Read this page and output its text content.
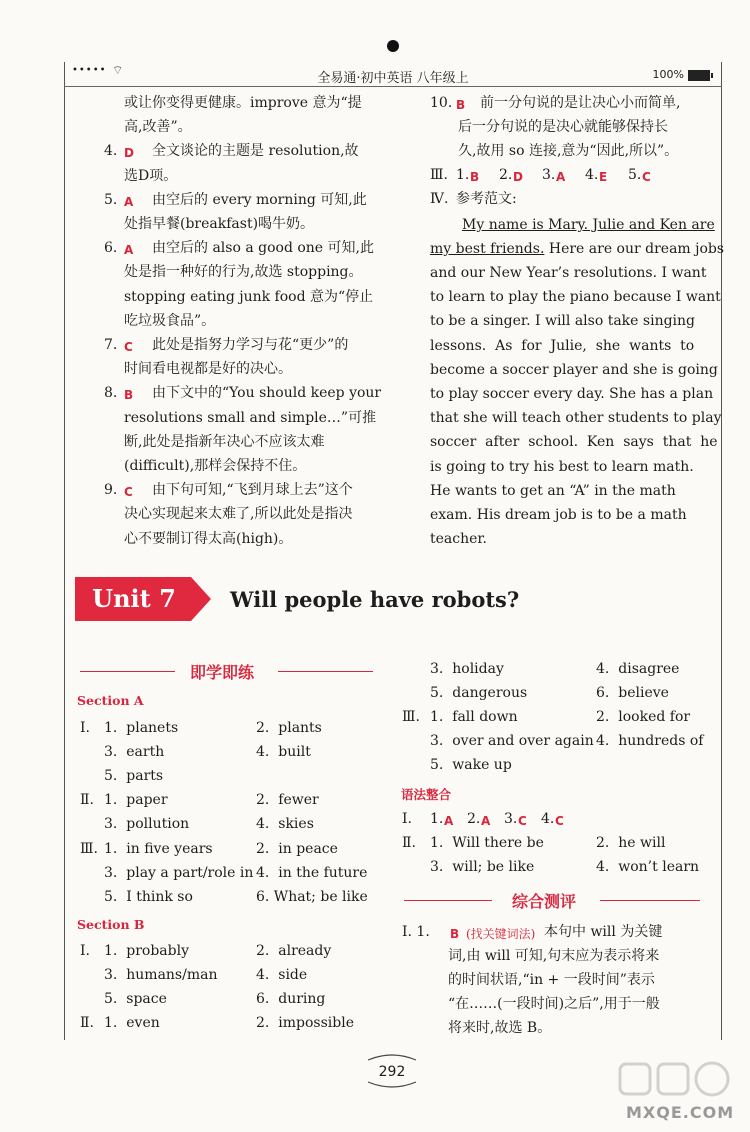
••••• ⌔
全易通·初中英语 八年级上	100%
或让你变得更健康。improve 意为“提
高,改善”。
4. D 全文谈论的主题是 resolution,故
选D项。
5. A 由空后的 every morning 可知,此
处指早餐(breakfast)喝牛奶。
6. A 由空后的 also a good one 可知,此
处是指一种好的行为,故选 stopping。
stopping eating junk food 意为“停止
吃垃圾食品”。
7. C 此处是指努力学习与花“更少”的
时间看电视都是好的决心。
8. B 由下文中的“You should keep your
resolutions small and simple…”可推
断,此处是指新年决心不应该太难
(difficult),那样会保持不住。
9. C 由下句可知,“飞到月球上去”这个
决心实现起来太难了,所以此处是指决
心不要制订得太高(high)。
10. B 前一分句说的是让决心小而简单,
后一分句说的是决心就能够保持长
久,故用 so 连接,意为“因此,所以”。
Ⅲ. 1. B 2. D 3. A 4. E 5. C
Ⅳ. 参考范文:
My name is Mary. Julie and Ken are
my best friends. Here are our dream jobs
and our New Year’s resolutions. I want
to learn to play the piano because I want
to be a singer. I will also take singing
lessons.  As  for  Julie,  she  wants  to
become a soccer player and she is going
to play soccer every day. She has a plan
that she will teach other students to play
soccer  after  school.  Ken  says  that  he
is going to try his best to learn math.
He wants to get an “A” in the math
exam. His dream job is to be a math
teacher.
Unit 7	Will people have robots?
即学即练
Section A
Ⅰ. 1.  planets	2.  plants
3.  earth	4.  built
5.  parts
Ⅱ. 1.  paper	2.  fewer
3.  pollution	4.  skies
Ⅲ. 1.  in five years	2.  in peace
3.  play a part/role in 4.  in the future
5.  I think so	6. What; be like
Section B
Ⅰ. 1.  probably	2.  already
3.  humans/man	4.  side
5.  space	6.  during
Ⅱ. 1.  even	2.  impossible
3.  holiday	4.  disagree
5.  dangerous	6.  believe
Ⅲ. 1.  fall down	2.  looked for
3.  over and over again 4.  hundreds of
5.  wake up
语法整合
Ⅰ. 1. A 2. A 3. C 4. C
Ⅱ. 1.  Will there be	2.  he will
3.  will; be like	4.  won’t learn
综合测评
Ⅰ. 1. B (找关键词法) 本句中 will 为关键
词,由 will 可知,句末应为表示将来
的时间状语,“in + 一段时间”表示
“在……(一段时间)之后”,用于一般
将来时,故选 B。
292
MXQE.COM
